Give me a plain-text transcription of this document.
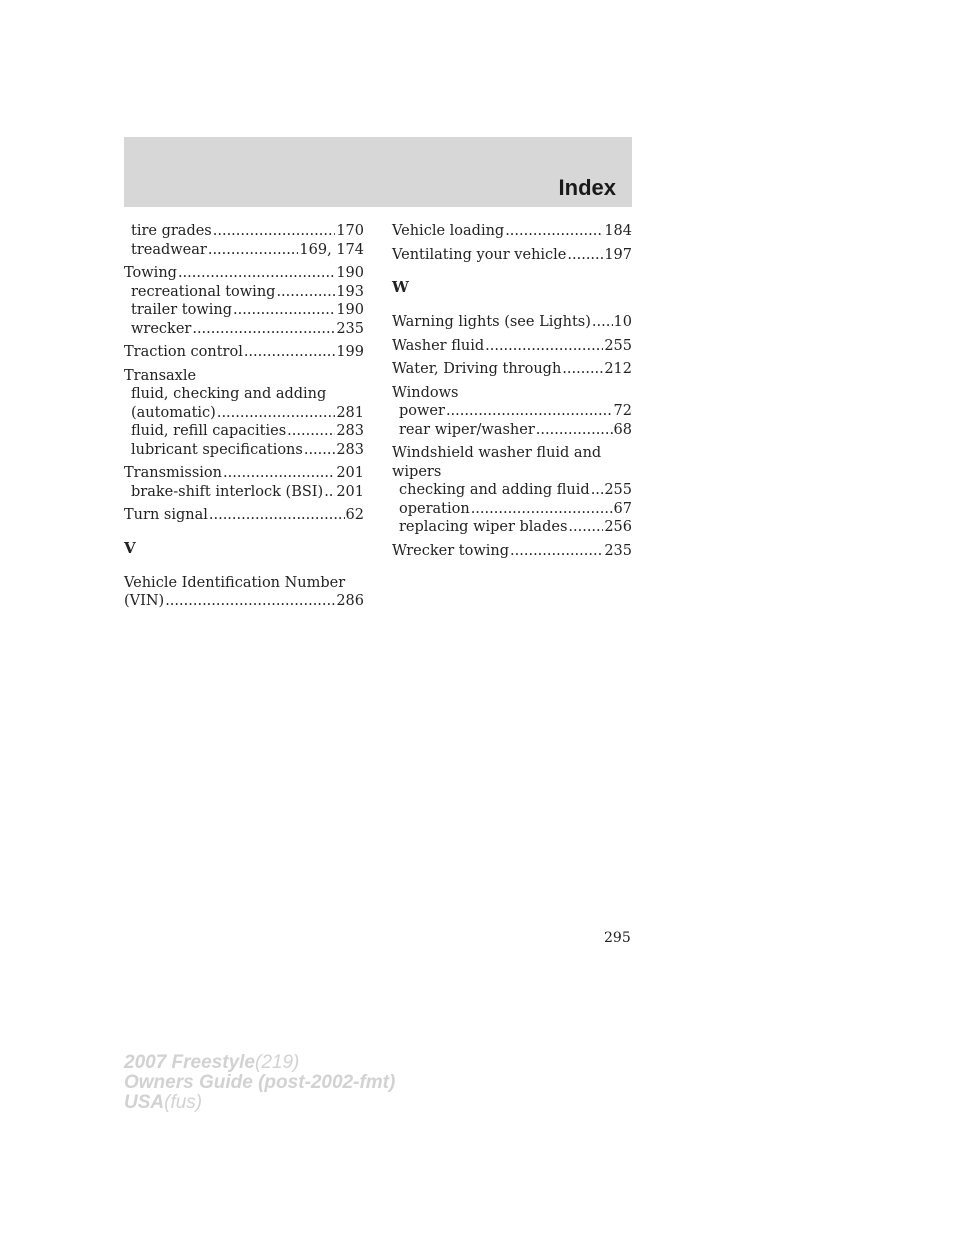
Index
tire grades .....	170
treadwear .....	169, 174
Towing .....	190
recreational towing .....	193
trailer towing .....	190
wrecker .....	235
Traction control .....	199
Transaxle
fluid, checking and adding
(automatic) .....	281
fluid, refill capacities .....	283
lubricant specifications ..... 283
Transmission .....	201
brake-shift interlock (BSI) ..... 201
Turn signal .....	62
V
Vehicle Identification Number
(VIN) .....	286
Vehicle loading .....	184
Ventilating your vehicle .....	197
W
Warning lights (see Lights) ..... 10
Washer fluid .....	255
Water, Driving through .....	212
Windows
power .....	72
rear wiper/washer .....	68
Windshield washer fluid and
wipers
checking and adding fluid ..... 255
operation .....	67
replacing wiper blades .....	256
Wrecker towing .....	235
295
2007 Freestyle(219)
Owners Guide (post-2002-fmt)
USA(fus)
